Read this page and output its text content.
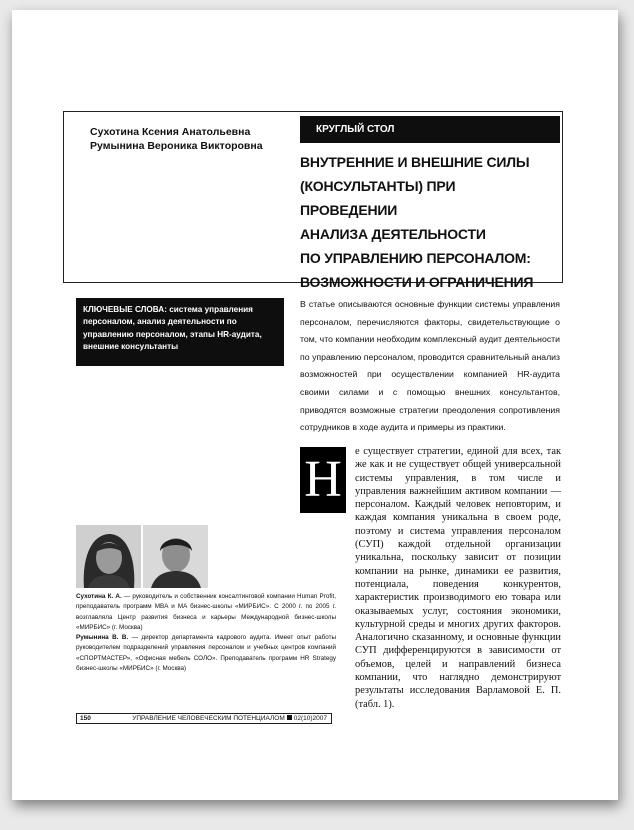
Сухотина Ксения Анатольевна
Румынина Вероника Викторовна
КРУГЛЫЙ СТОЛ
ВНУТРЕННИЕ И ВНЕШНИЕ СИЛЫ
(КОНСУЛЬТАНТЫ) ПРИ ПРОВЕДЕНИИ
АНАЛИЗА ДЕЯТЕЛЬНОСТИ
ПО УПРАВЛЕНИЮ ПЕРСОНАЛОМ:
ВОЗМОЖНОСТИ И ОГРАНИЧЕНИЯ
КЛЮЧЕВЫЕ СЛОВА: система управления персоналом, анализ деятельности по управлению персоналом, этапы HR-аудита, внешние консультанты
В статье описываются основные функции системы управления персоналом, перечисляются факторы, свидетельствующие о том, что компании необходим комплексный аудит деятельности по управлению персоналом, проводится сравнительный анализ возможностей при осуществлении компанией HR-аудита своими силами и с помощью внешних консультантов, приводятся возможные стратегии преодоления сопротивления сотрудников в ходе аудита и примеры из практики.
Н	е существует стратегии, единой для всех, так же как и не существует общей универсальной системы управления, в том числе и управления важнейшим активом компании — персоналом. Каждый человек неповторим, и каждая компания уникальна в своем роде, поэтому и система управления персоналом (СУП) каждой отдельной организации уникальна, поскольку зависит от позиции компании на рынке, динамики ее развития, потенциала, поведения конкурентов, характеристик производимого ею товара или оказываемых услуг, состояния экономики, культурной среды и многих других факторов. Аналогично сказанному, и основные функции СУП дифференцируются в зависимости от объемов, целей и направлений бизнеса компании, что наглядно демонстрируют результаты исследования Варламовой Е. П. (табл. 1).

Сухотина К. А. — руководитель и собственник консалтинговой компании Human Profit, преподаватель программ MBA и MA бизнес-школы «МИРБИС». С 2000 г. по 2005 г. возглавляла Центр развития бизнеса и карьеры Международной бизнес-школы «МИРБИС» (г. Москва)

Румынина В. В. — директор департамента кадрового аудита. Имеет опыт работы руководителем подразделений управления персоналом и учебных центров компаний «СПОРТМАСТЕР», «Офисная мебель СОЛО». Преподаватель программ HR Strategy бизнес-школы «МИРБИС» (г. Москва)

150	УПРАВЛЕНИЕ ЧЕЛОВЕЧЕСКИМ ПОТЕНЦИАЛОМ 02(10)2007
